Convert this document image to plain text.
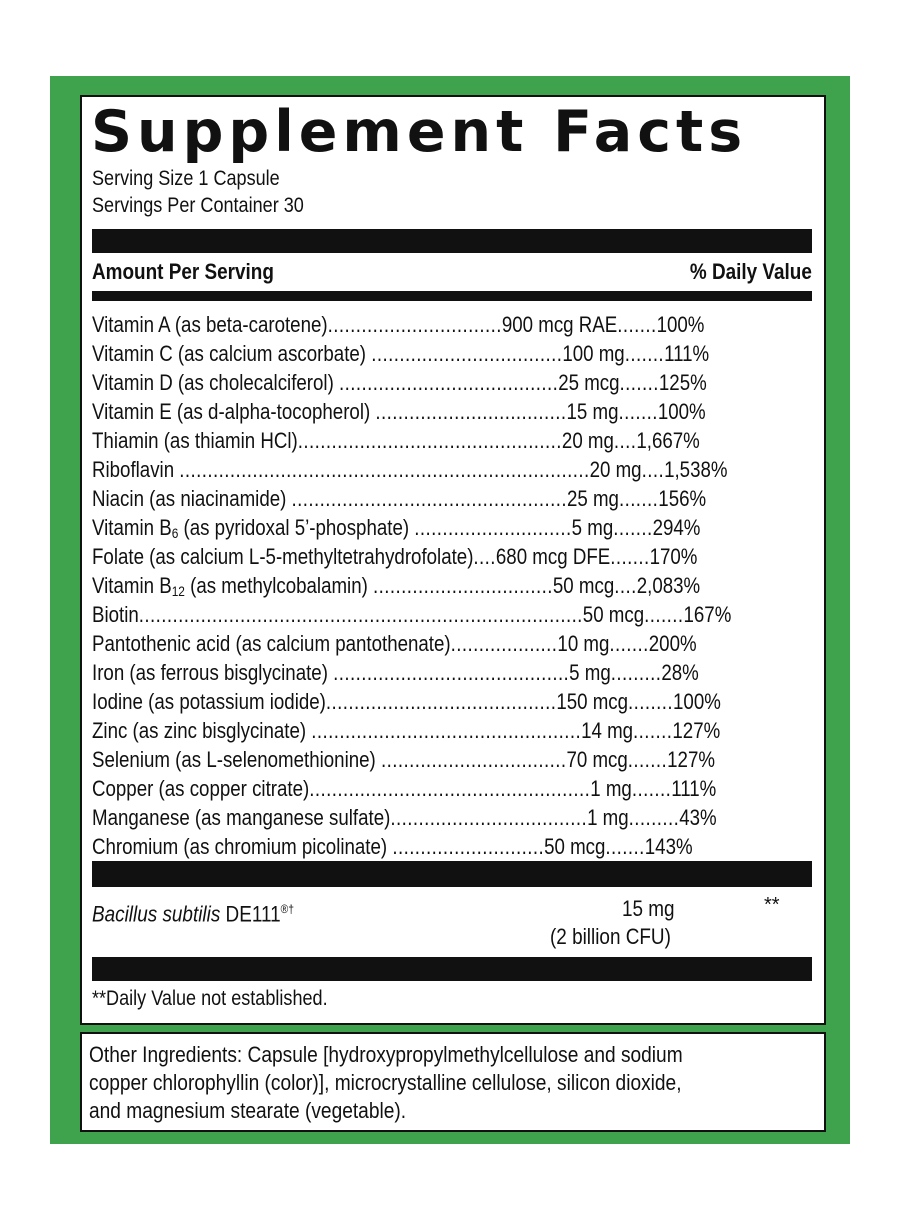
Supplement Facts
Serving Size 1 Capsule
Servings Per Container 30
Amount Per Serving	% Daily Value
Vitamin A (as beta-carotene)...............................900 mcg RAE.......100%
Vitamin C (as calcium ascorbate) ..................................100 mg.......111%
Vitamin D (as cholecalciferol) .......................................25 mcg.......125%
Vitamin E (as d-alpha-tocopherol) ..................................15 mg.......100%
Thiamin (as thiamin HCl)...............................................20 mg....1,667%
Riboflavin .........................................................................20 mg....1,538%
Niacin (as niacinamide) .................................................25 mg.......156%
Vitamin $B_6$ (as pyridoxal 5’-phosphate) ............................5 mg.......294%
Folate (as calcium L-5-methyltetrahydrofolate)....680 mcg DFE.......170%
Vitamin $B_{12}$ (as methylcobalamin) ................................50 mcg....2,083%
Biotin...............................................................................50 mcg.......167%
Pantothenic acid (as calcium pantothenate)...................10 mg.......200%
Iron (as ferrous bisglycinate) ..........................................5 mg.........28%
Iodine (as potassium iodide).........................................150 mcg........100%
Zinc (as zinc bisglycinate) ................................................14 mg.......127%
Selenium (as L-selenomethionine) .................................70 mcg.......127%
Copper (as copper citrate)..................................................1 mg.......111%
Manganese (as manganese sulfate)...................................1 mg.........43%
Chromium (as chromium picolinate) ...........................50 mcg.......143%
Bacillus subtilis DE111®†	15 mg
(2 billion CFU)
**
**Daily Value not established.
Other Ingredients: Capsule [hydroxypropylmethylcellulose and sodium
copper chlorophyllin (color)], microcrystalline cellulose, silicon dioxide,
and magnesium stearate (vegetable).
